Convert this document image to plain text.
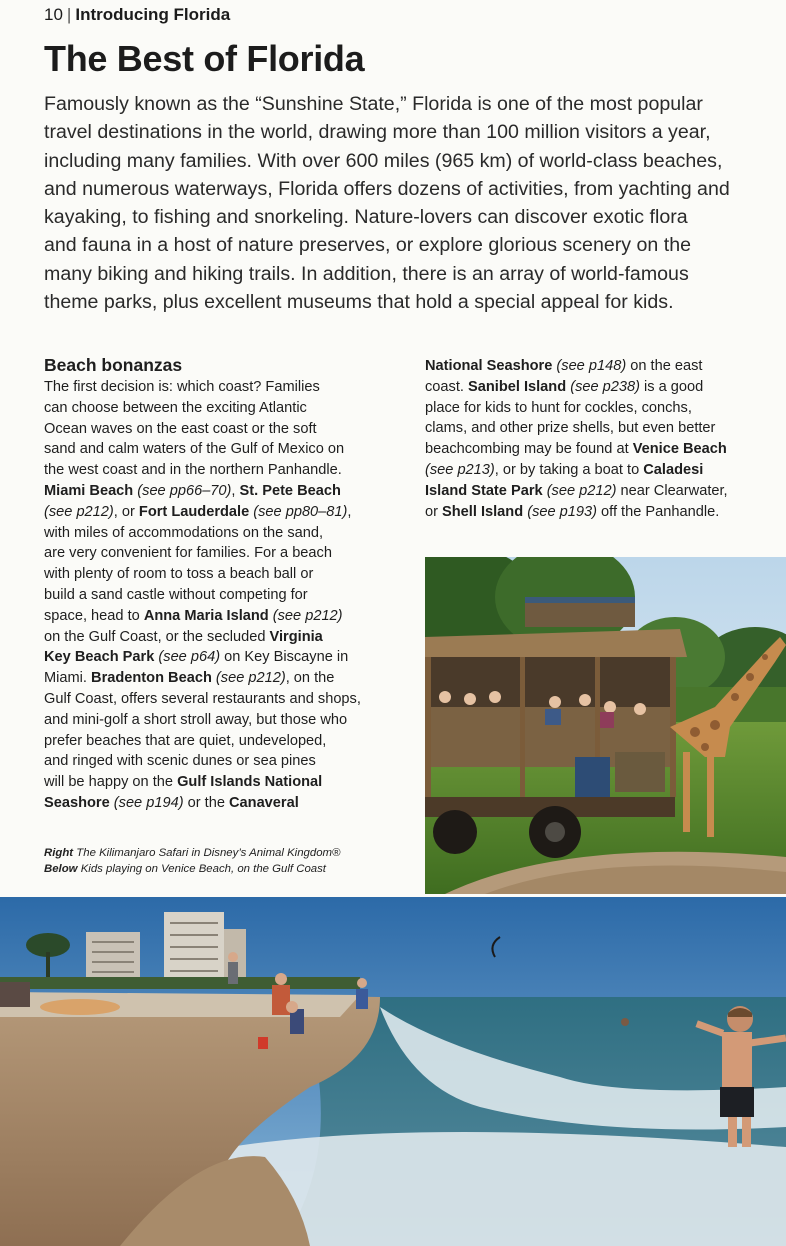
10 | Introducing Florida
The Best of Florida
Famously known as the “Sunshine State,” Florida is one of the most popular
travel destinations in the world, drawing more than 100 million visitors a year,
including many families. With over 600 miles (965 km) of world-class beaches,
and numerous waterways, Florida offers dozens of activities, from yachting and
kayaking, to fishing and snorkeling. Nature-lovers can discover exotic flora
and fauna in a host of nature preserves, or explore glorious scenery on the
many biking and hiking trails. In addition, there is an array of world-famous
theme parks, plus excellent museums that hold a special appeal for kids.
Beach bonanzas
The first decision is: which coast? Families
can choose between the exciting Atlantic
Ocean waves on the east coast or the soft
sand and calm waters of the Gulf of Mexico on
the west coast and in the northern Panhandle.
Miami Beach (see pp66–70), St. Pete Beach
(see p212), or Fort Lauderdale (see pp80–81),
with miles of accommodations on the sand,
are very convenient for families. For a beach
with plenty of room to toss a beach ball or
build a sand castle without competing for
space, head to Anna Maria Island (see p212)
on the Gulf Coast, or the secluded Virginia
Key Beach Park (see p64) on Key Biscayne in
Miami. Bradenton Beach (see p212), on the
Gulf Coast, offers several restaurants and shops,
and mini-golf a short stroll away, but those who
prefer beaches that are quiet, undeveloped,
and ringed with scenic dunes or sea pines
will be happy on the Gulf Islands National
Seashore (see p194) or the Canaveral
National Seashore (see p148) on the east
coast. Sanibel Island (see p238) is a good
place for kids to hunt for cockles, conchs,
clams, and other prize shells, but even better
beachcombing may be found at Venice Beach
(see p213), or by taking a boat to Caladesi
Island State Park (see p212) near Clearwater,
or Shell Island (see p193) off the Panhandle.
Right The Kilimanjaro Safari in Disney’s Animal Kingdom®
Below Kids playing on Venice Beach, on the Gulf Coast
